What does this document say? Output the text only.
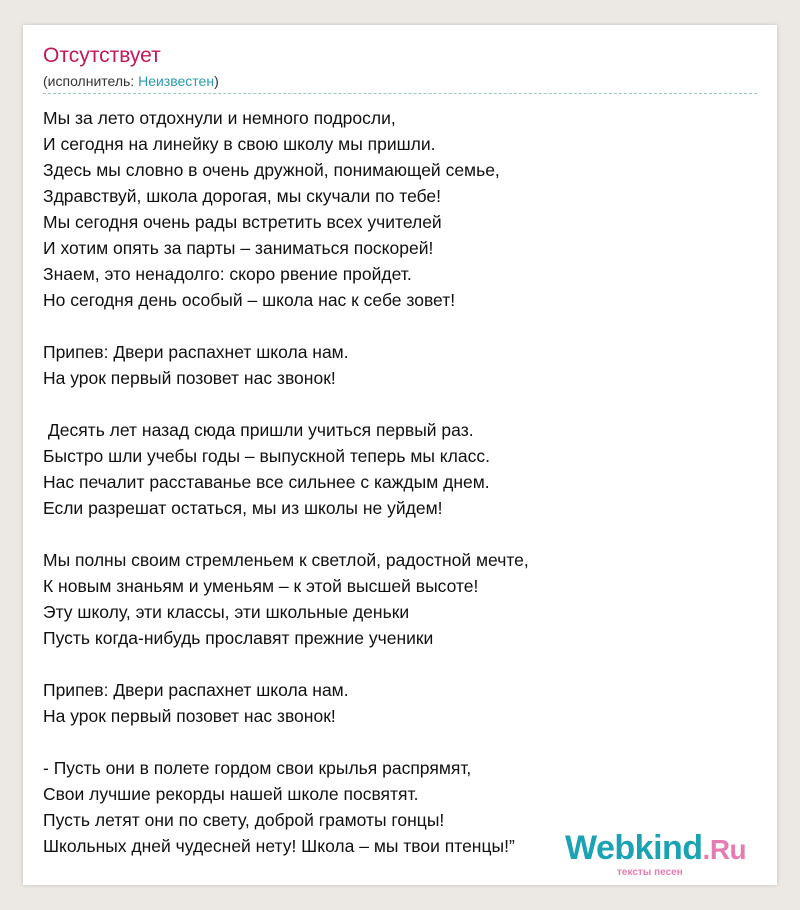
Отсутствует
(исполнитель: Неизвестен)
Мы за лето отдохнули и немного подросли,
И сегодня на линейку в свою школу мы пришли.
Здесь мы словно в очень дружной, понимающей семье,
Здравствуй, школа дорогая, мы скучали по тебе!
Мы сегодня очень рады встретить всех учителей
И хотим опять за парты – заниматься поскорей!
Знаем, это ненадолго: скоро рвение пройдет.
Но сегодня день особый – школа нас к себе зовет!
Припев: Двери распахнет школа нам.
На урок первый позовет нас звонок!
Десять лет назад сюда пришли учиться первый раз.
Быстро шли учебы годы – выпускной теперь мы класс.
Нас печалит расставанье все сильнее с каждым днем.
Если разрешат остаться, мы из школы не уйдем!
Мы полны своим стремленьем к светлой, радостной мечте,
К новым знаньям и уменьям – к этой высшей высоте!
Эту школу, эти классы, эти школьные деньки
Пусть когда-нибудь прославят прежние ученики
Припев: Двери распахнет школа нам.
На урок первый позовет нас звонок!
- Пусть они в полете гордом свои крылья распрямят,
Свои лучшие рекорды нашей школе посвятят.
Пусть летят они по свету, доброй грамоты гонцы!
Школьных дней чудесней нету! Школа – мы твои птенцы!”	Webkind.Ru
тексты песен
